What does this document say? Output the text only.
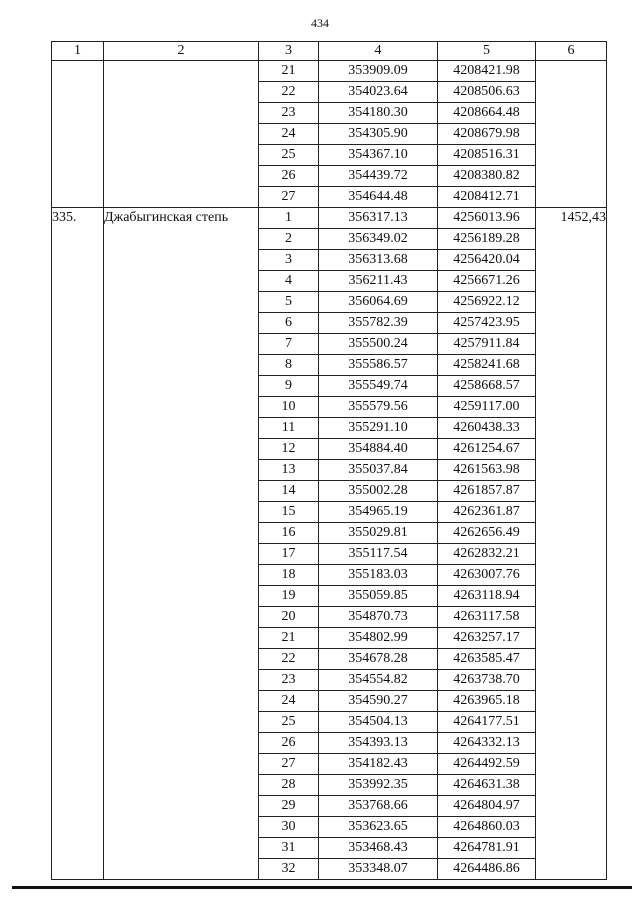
434
1	2	3	4	5	6
		21	353909.09	4208421.98	
		22	354023.64	4208506.63	
		23	354180.30	4208664.48	
		24	354305.90	4208679.98	
		25	354367.10	4208516.31	
		26	354439.72	4208380.82	
		27	354644.48	4208412.71	
335.	Джабыгинская степь	1	356317.13	4256013.96	1452,43
		2	356349.02	4256189.28	
		3	356313.68	4256420.04	
		4	356211.43	4256671.26	
		5	356064.69	4256922.12	
		6	355782.39	4257423.95	
		7	355500.24	4257911.84	
		8	355586.57	4258241.68	
		9	355549.74	4258668.57	
		10	355579.56	4259117.00	
		11	355291.10	4260438.33	
		12	354884.40	4261254.67	
		13	355037.84	4261563.98	
		14	355002.28	4261857.87	
		15	354965.19	4262361.87	
		16	355029.81	4262656.49	
		17	355117.54	4262832.21	
		18	355183.03	4263007.76	
		19	355059.85	4263118.94	
		20	354870.73	4263117.58	
		21	354802.99	4263257.17	
		22	354678.28	4263585.47	
		23	354554.82	4263738.70	
		24	354590.27	4263965.18	
		25	354504.13	4264177.51	
		26	354393.13	4264332.13	
		27	354182.43	4264492.59	
		28	353992.35	4264631.38	
		29	353768.66	4264804.97	
		30	353623.65	4264860.03	
		31	353468.43	4264781.91	
		32	353348.07	4264486.86	
